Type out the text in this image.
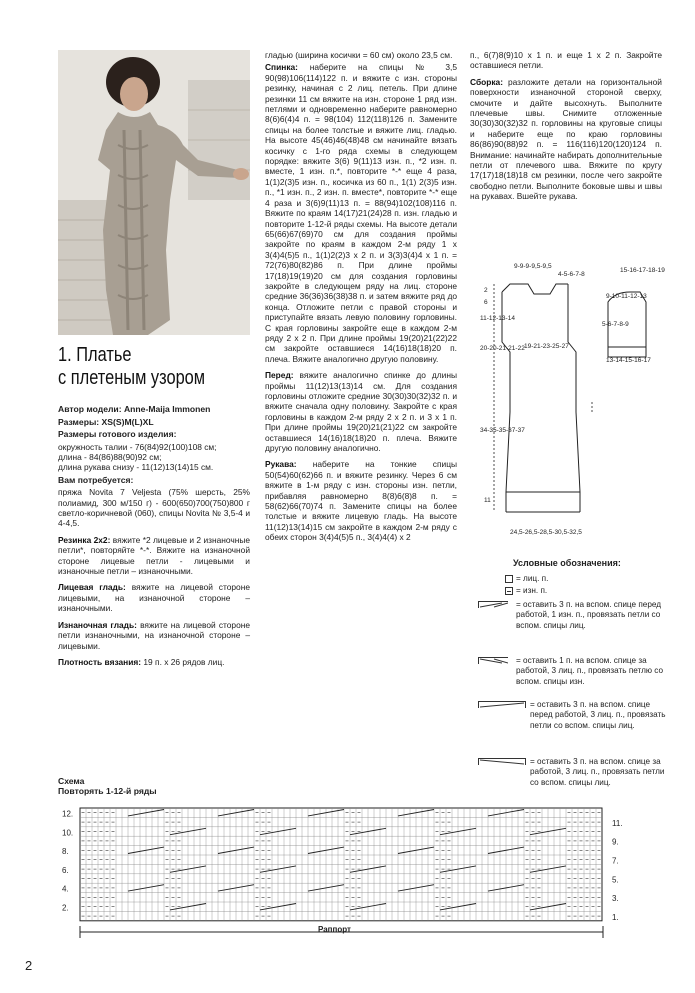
1. Платье
с плетеным узором

Автор модели: Anne-Maija Immonen

Размеры: XS(S)M(L)XL

Размеры готового изделия:

окружность талии - 76(84)92(100)108 см;

длина - 84(86)88(90)92 см;

длина рукава снизу - 11(12)13(14)15 см.

Вам потребуется:

пряжа Novita 7 Veljesta (75% шерсть, 25% полиамид, 300 м/150 г) - 600(650)700(750)800 г светло-коричневой (060), спицы Novita № 3,5-4 и 4-4,5.

Резинка 2х2: вяжите *2 лицевые и 2 изнаночные петли*, повторяйте *-*. Вяжите на изнаночной стороне лицевые петли - лицевыми и изнаночные петли – изнаночными.

Лицевая гладь: вяжите на лицевой стороне лицевыми, на изнаночной стороне – изнаночными.

Изнаночная гладь: вяжите на лицевой стороне петли изнаночными, на изнаночной стороне – лицевыми.

Плотность вязания: 19 п. х 26 рядов лиц.

гладью (ширина косички = 60 см) около 23,5 см.

Спинка: наберите на спицы № 3,5 90(98)106(114)122 п. и вяжите с изн. стороны резинку, начиная с 2 лиц. петель. При длине резинки 11 см вяжите на изн. стороне 1 ряд изн. петлями и одновременно наберите равномерно 8(6)6(4)4 п. = 98(104) 112(118)126 п. Замените спицы на более толстые и вяжите лиц. гладью. На высоте 45(46)46(48)48 см начинайте вязать косичку с 1-го ряда схемы в следующем порядке: вяжите 3(6) 9(11)13 изн. п., *2 изн. п. вместе, 1 изн. п.*, повторите *-* еще 4 раза, 1(1)2(3)5 изн. п., косичка из 60 п., 1(1) 2(3)5 изн. п., *1 изн. п., 2 изн. п. вместе*, повторите *-* еще 4 раза и 3(6)9(11)13 п. = 88(94)102(108)116 п. Вяжите по краям 14(17)21(24)28 п. изн. гладью и повторите 1-12-й ряды схемы. На высоте детали 65(66)67(69)70 см для создания проймы закройте по краям в каждом 2-м ряду 1 х 3(4)4(5)5 п., 1(1)2(2)3 х 2 п. и 3(3)3(4)4 х 1 п. = 72(76)80(82)86 п. При длине проймы 17(18)19(19)20 см для создания горловины закройте в следующем ряду на лиц. стороне средние 36(36)36(38)38 п. и затем вяжите ряд до конца. Отложите петли с правой стороны и приступайте вязать левую половину горловины. С края горловины закройте еще в каждом 2-м ряду 2 х 2 п. При длине проймы 19(20)21(22)22 см закройте оставшиеся 14(16)18(18)20 п. плеча. Вяжите аналогично другую половину.

Перед: вяжите аналогично спинке до длины проймы 11(12)13(13)14 см. Для создания горловины отложите средние 30(30)30(32)32 п. и вяжите сначала одну половину. Закройте с края горловины в каждом 2-м ряду 2 х 2 п. и 3 х 1 п. При длине проймы 19(20)21(21)22 см закройте оставшиеся 14(16)18(18)20 п. плеча. Вяжите другую половину аналогично.

Рукава: наберите на тонкие спицы 50(54)60(62)66 п. и вяжите резинку. Через 6 см вяжите в 1-м ряду с изн. стороны изн. петли, прибавляя равномерно 8(8)6(8)8 п. = 58(62)66(70)74 п. Замените спицы на более толстые и вяжите лицевую гладь. На высоте 11(12)13(14)15 см закройте в каждом 2-м ряду с обеих сторон 3(4)4(5)5 п., 3(4)4(4) х 2

п., 6(7)8(9)10 х 1 п. и еще 1 х 2 п. Закройте оставшиеся петли.

Сборка: разложите детали на горизонтальной поверхности изнаночной стороной сверху, смочите и дайте высохнуть. Выполните плечевые швы. Снимите отложенные 30(30)30(32)32 п. горловины на круговые спицы и наберите еще по краю горловины 86(86)90(88)92 п. = 116(116)120(120)124 п. Внимание: начинайте набирать дополнительные петли от плечевого шва. Вяжите по кругу 17(17)18(18)18 см резинки, после чего закройте свободно петли. Выполните боковые швы и швы на рукавах. Вшейте рукава.

9-9-9-9,5-9,5
4-5-6-7-8
9-10-11-12-13
15-16-17-18-19
2
6
11-12-13-14
20-20-21-21-22 19-21-23-25-27
5-6-7-8-9
13-14-15-16-17
34-35-35-37-37
11
24,5-26,5-28,5-30,5-32,5
Условные обозначения:
= лиц. п.
= изн. п.
= оставить 3 п. на вспом. спице перед работой, 1 изн. п., провязать петли со вспом. спицы лиц.
= оставить 1 п. на вспом. спице за работой, 3 лиц. п., провязать петлю со вспом. спицы изн.
= оставить 3 п. на вспом. спице перед работой, 3 лиц. п., провязать петли со вспом. спицы лиц.
= оставить 3 п. на вспом. спице за работой, 3 лиц. п., провязать петли со вспом. спицы лиц.
Схема
Повторять 1-12-й ряды
12.
10.
8.
6.
4.
2.
11.
9.
7.
5.
3.
1.
Раппорт
2
